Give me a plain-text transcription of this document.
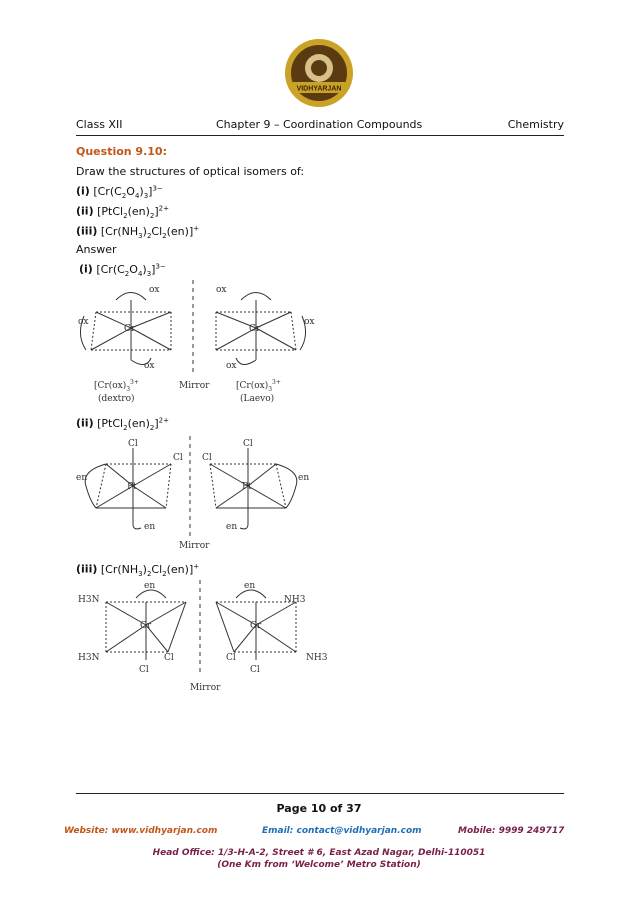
VIDHYARJAN
Class XII	Chapter 9 – Coordination Compounds	Chemistry
Question 9.10:
Draw the structures of optical isomers of:
(i) $[Cr(C_2O_4)_3]^{3-}$
(ii) $[PtCl_2(en)_2]^{2+}$
(iii) $[Cr(NH_3)_2Cl_2(en)]^+$
Answer
(i) $[Cr(C_2O_4)_3]^{3-}$
ox
ox
Cr
ox
Mirror
ox
ox
Cr
ox
[$Cr(ox)_3^{3+}$
(dextro)
[$Cr(ox)_3^{3+}$
(Laevo)
(ii) $[PtCl_2(en)_2]^{2+}$
Cl
Cl
en
Pt
en
Cl
Cl
en
Pt
en
Mirror
(iii) $[Cr(NH_3)_2Cl_2(en)]^+$
en
H3N
Cr
H3N
Cl
Cl
en
NH3
Cr
NH3
Cl
Cl
Mirror
Page 10 of 37
Website: www.vidhyarjan.com	Email: contact@vidhyarjan.com	Mobile: 9999 249717
Head Office: 1/3-H-A-2, Street # 6, East Azad Nagar, Delhi-110051
(One Km from ‘Welcome’ Metro Station)
